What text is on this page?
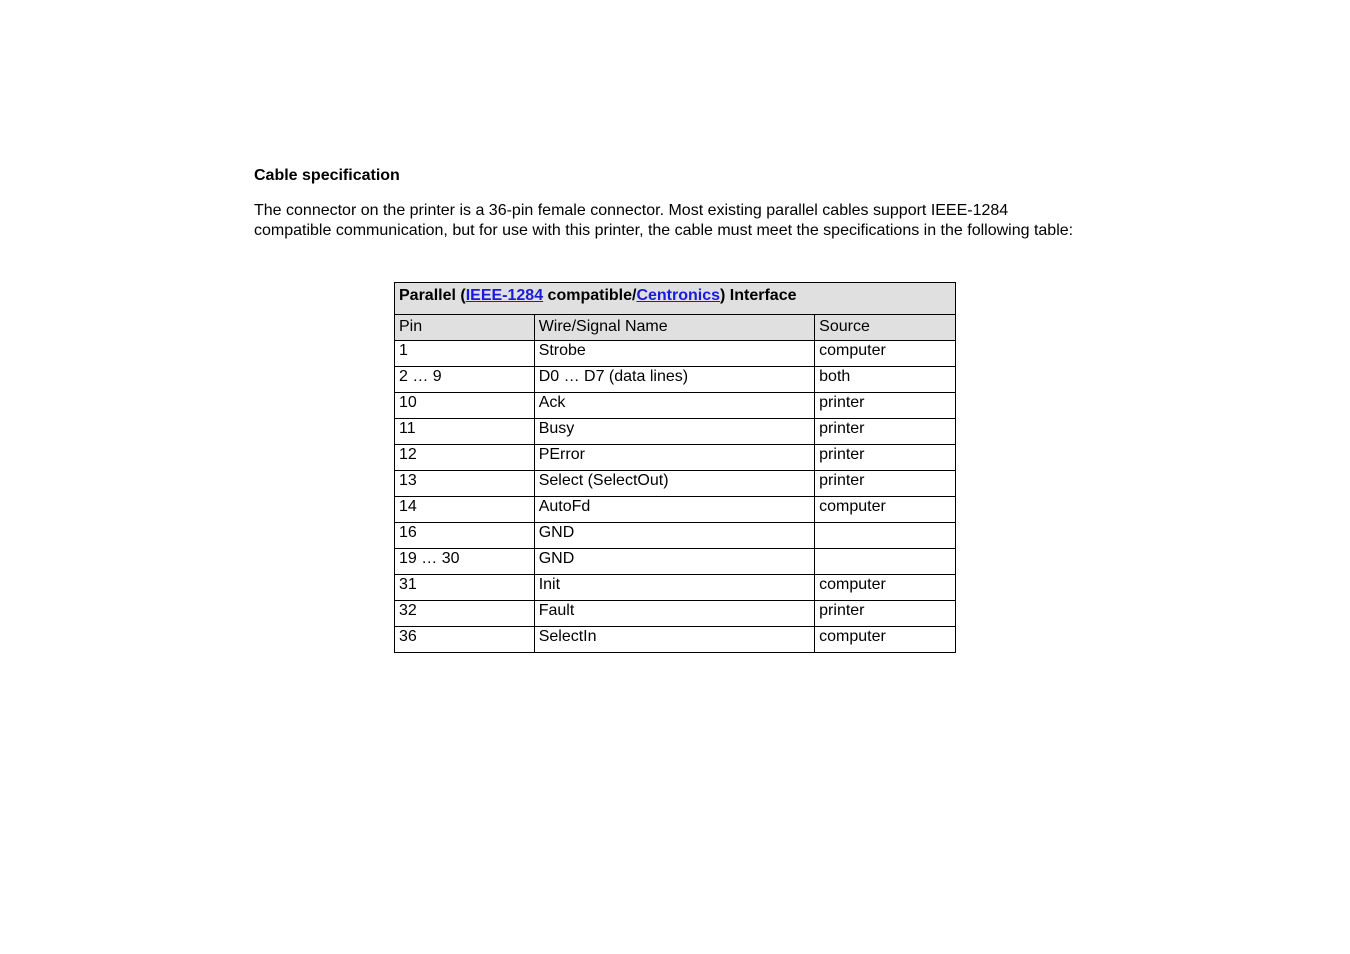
Cable specification

The connector on the printer is a 36-pin female connector. Most existing parallel cables support IEEE-1284 compatible communication, but for use with this printer, the cable must meet the specifications in the following table:

Parallel (IEEE-1284 compatible/Centronics) Interface		
Pin	Wire/Signal Name	Source
1	Strobe	computer
2 … 9	D0 … D7 (data lines)	both
10	Ack	printer
11	Busy	printer
12	PError	printer
13	Select (SelectOut)	printer
14	AutoFd	computer
16	GND	
19 … 30	GND	
31	Init	computer
32	Fault	printer
36	SelectIn	computer
